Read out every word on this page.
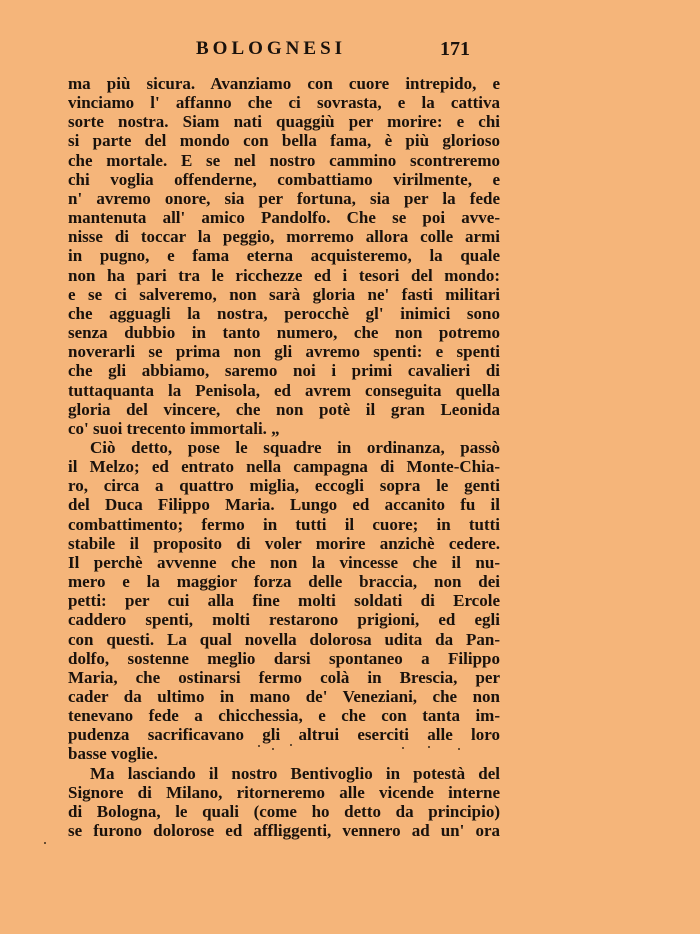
BOLOGNESI	171
ma più sicura. Avanziamo con cuore intrepido, e
vinciamo l' affanno che ci sovrasta, e la cattiva
sorte nostra. Siam nati quaggiù per morire: e chi
si parte del mondo con bella fama, è più glorioso
che mortale. E se nel nostro cammino scontreremo
chi voglia offenderne, combattiamo virilmente, e
n' avremo onore, sia per fortuna, sia per la fede
mantenuta all' amico Pandolfo. Che se poi avve-
nisse di toccar la peggio, morremo allora colle armi
in pugno, e fama eterna acquisteremo, la quale
non ha pari tra le ricchezze ed i tesori del mondo:
e se ci salveremo, non sarà gloria ne' fasti militari
che agguagli la nostra, perocchè gl' inimici sono
senza dubbio in tanto numero, che non potremo
noverarli se prima non gli avremo spenti: e spenti
che gli abbiamo, saremo noi i primi cavalieri di
tuttaquanta la Penisola, ed avrem conseguita quella
gloria del vincere, che non potè il gran Leonida
co' suoi trecento immortali. „
Ciò detto, pose le squadre in ordinanza, passò
il Melzo; ed entrato nella campagna di Monte-Chia-
ro, circa a quattro miglia, eccogli sopra le genti
del Duca Filippo Maria. Lungo ed accanito fu il
combattimento; fermo in tutti il cuore; in tutti
stabile il proposito di voler morire anzichè cedere.
Il perchè avvenne che non la vincesse che il nu-
mero e la maggior forza delle braccia, non dei
petti: per cui alla fine molti soldati di Ercole
caddero spenti, molti restarono prigioni, ed egli
con questi. La qual novella dolorosa udita da Pan-
dolfo, sostenne meglio darsi spontaneo a Filippo
Maria, che ostinarsi fermo colà in Brescia, per
cader da ultimo in mano de' Veneziani, che non
tenevano fede a chicchessia, e che con tanta im-
pudenza sacrificavano gli altrui eserciti alle loro
basse voglie.
Ma lasciando il nostro Bentivoglio in potestà del
Signore di Milano, ritorneremo alle vicende interne
di Bologna, le quali (come ho detto da principio)
se furono dolorose ed affliggenti, vennero ad un' ora
